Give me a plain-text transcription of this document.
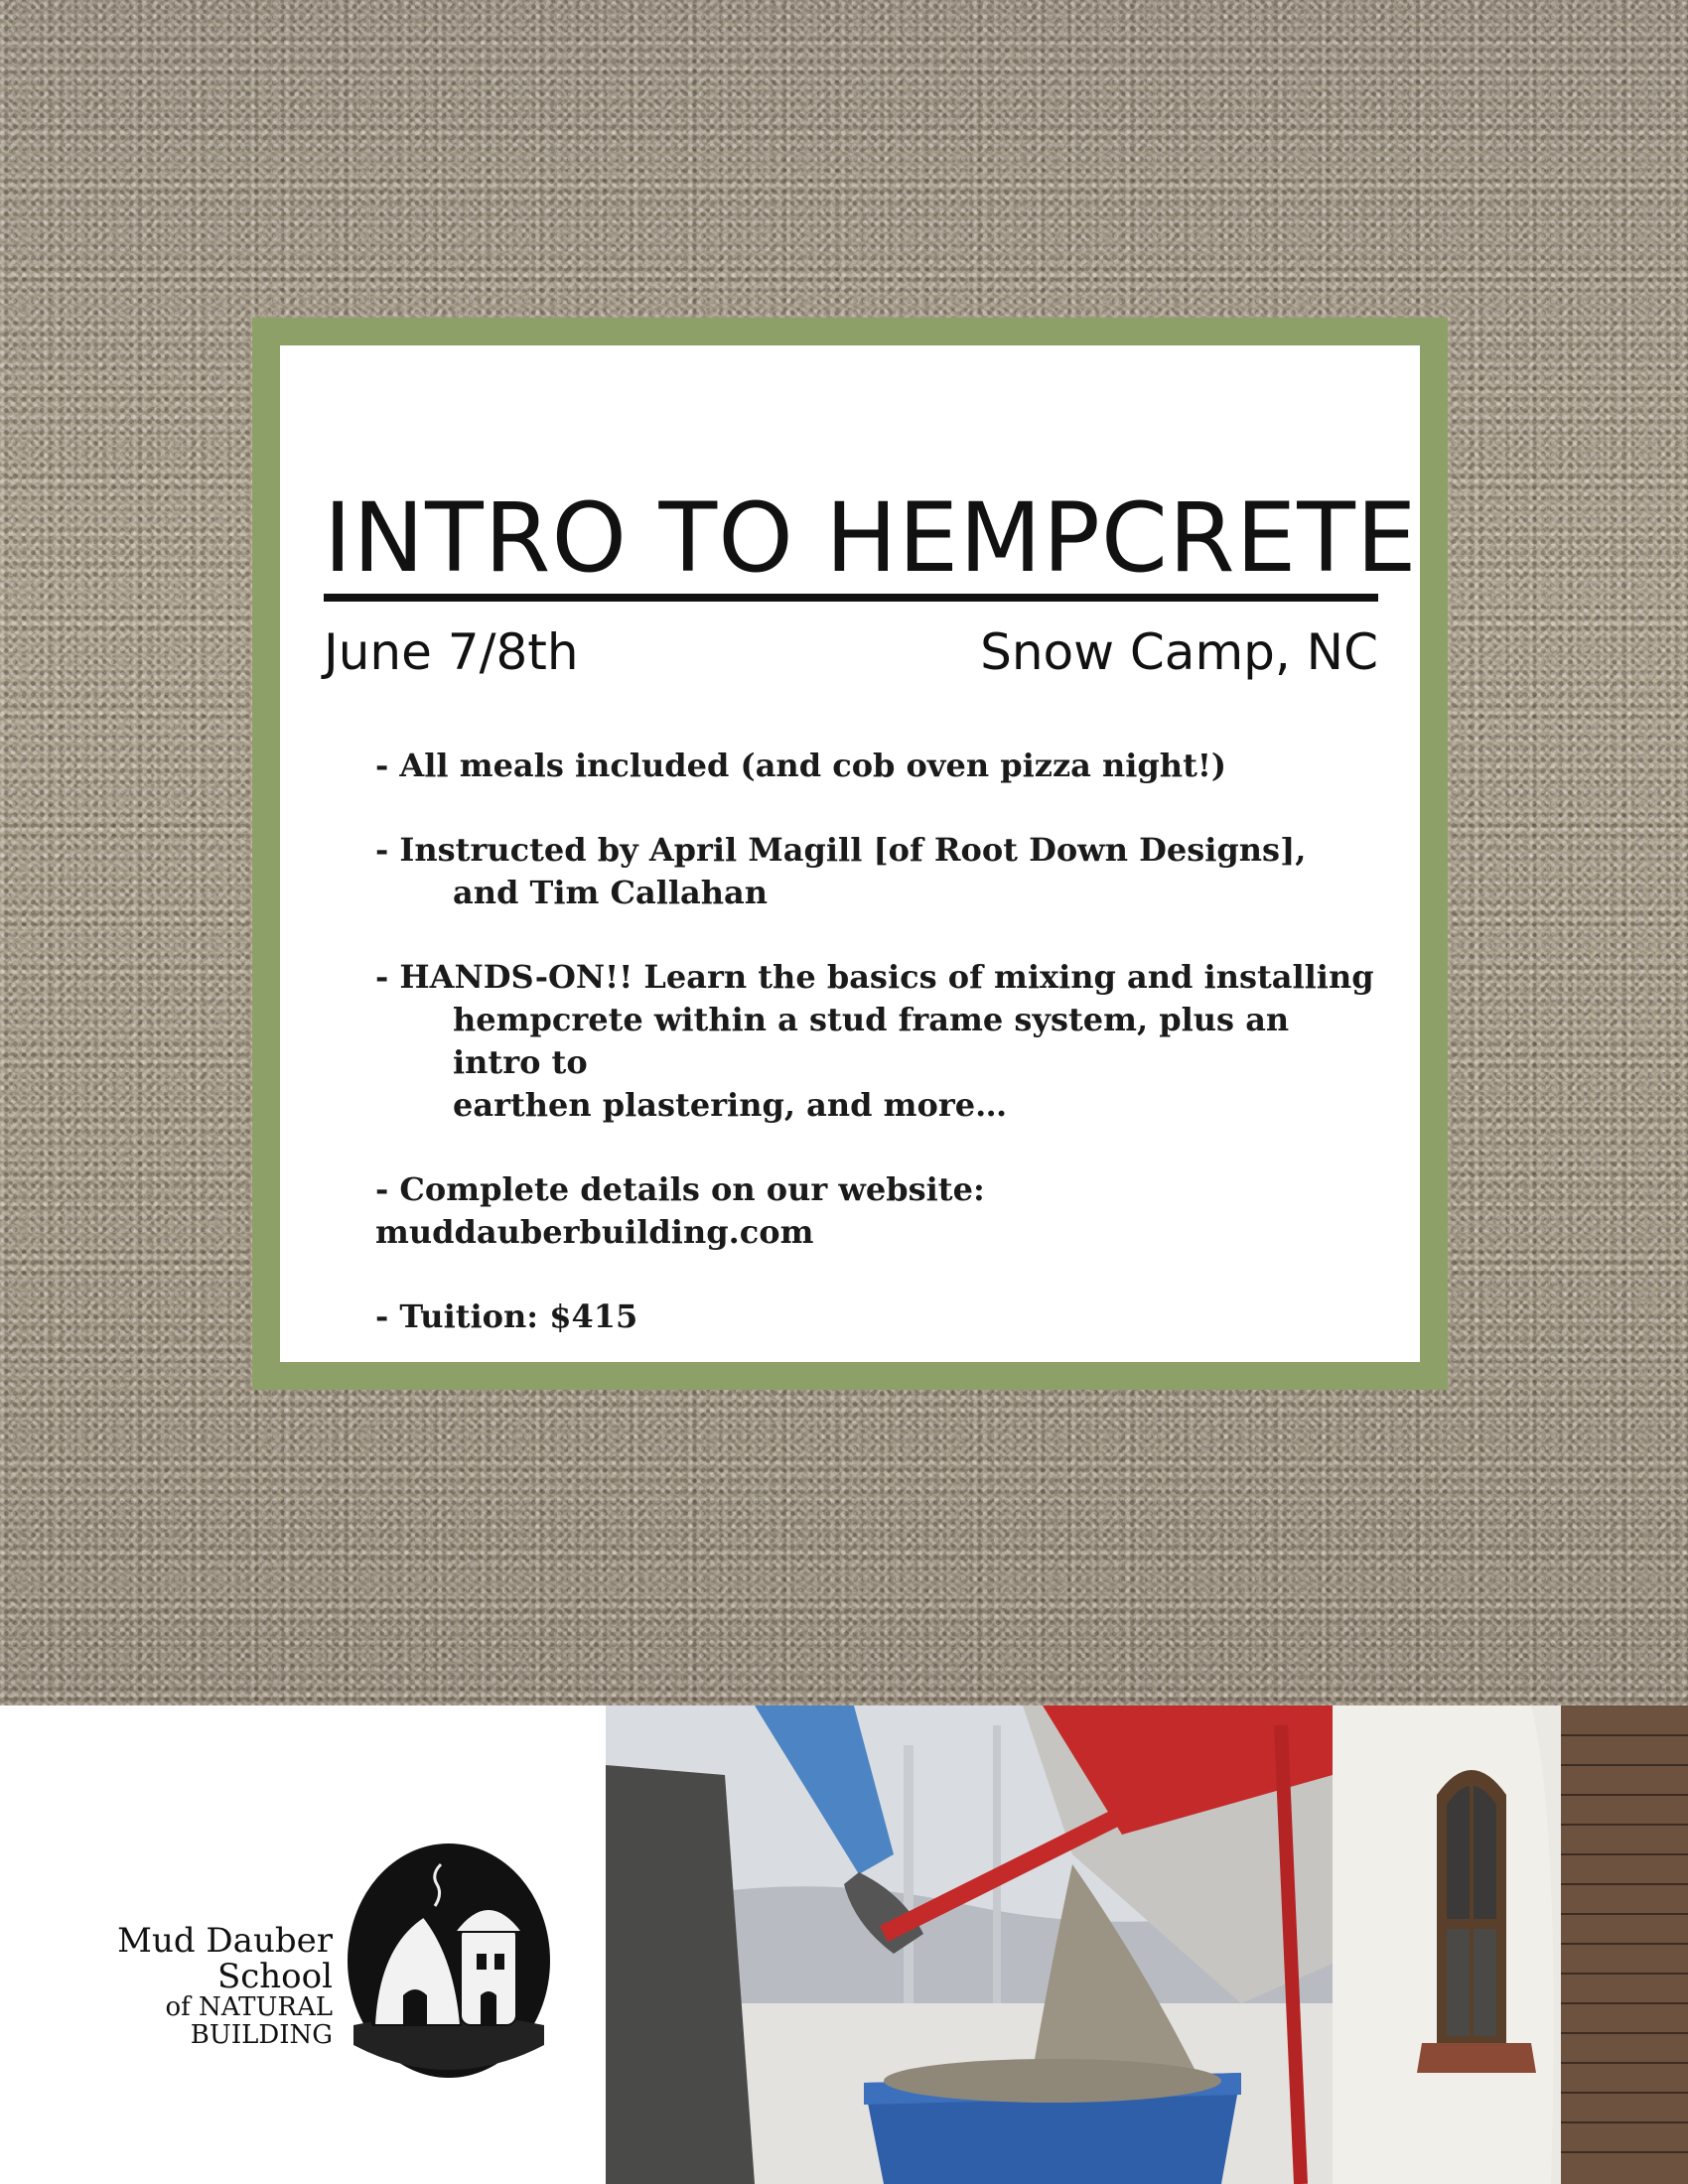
INTRO TO HEMPCRETE
June 7/8th	Snow Camp, NC
- All meals included (and cob oven pizza night!)
- Instructed by April Magill [of Root Down Designs],
and Tim Callahan
- HANDS-ON!! Learn the basics of mixing and installing
hempcrete within a stud frame system, plus an intro to
earthen plastering, and more…
- Complete details on our website: muddauberbuilding.com
- Tuition: $415
Mud Dauber School
of NATURAL BUILDING
